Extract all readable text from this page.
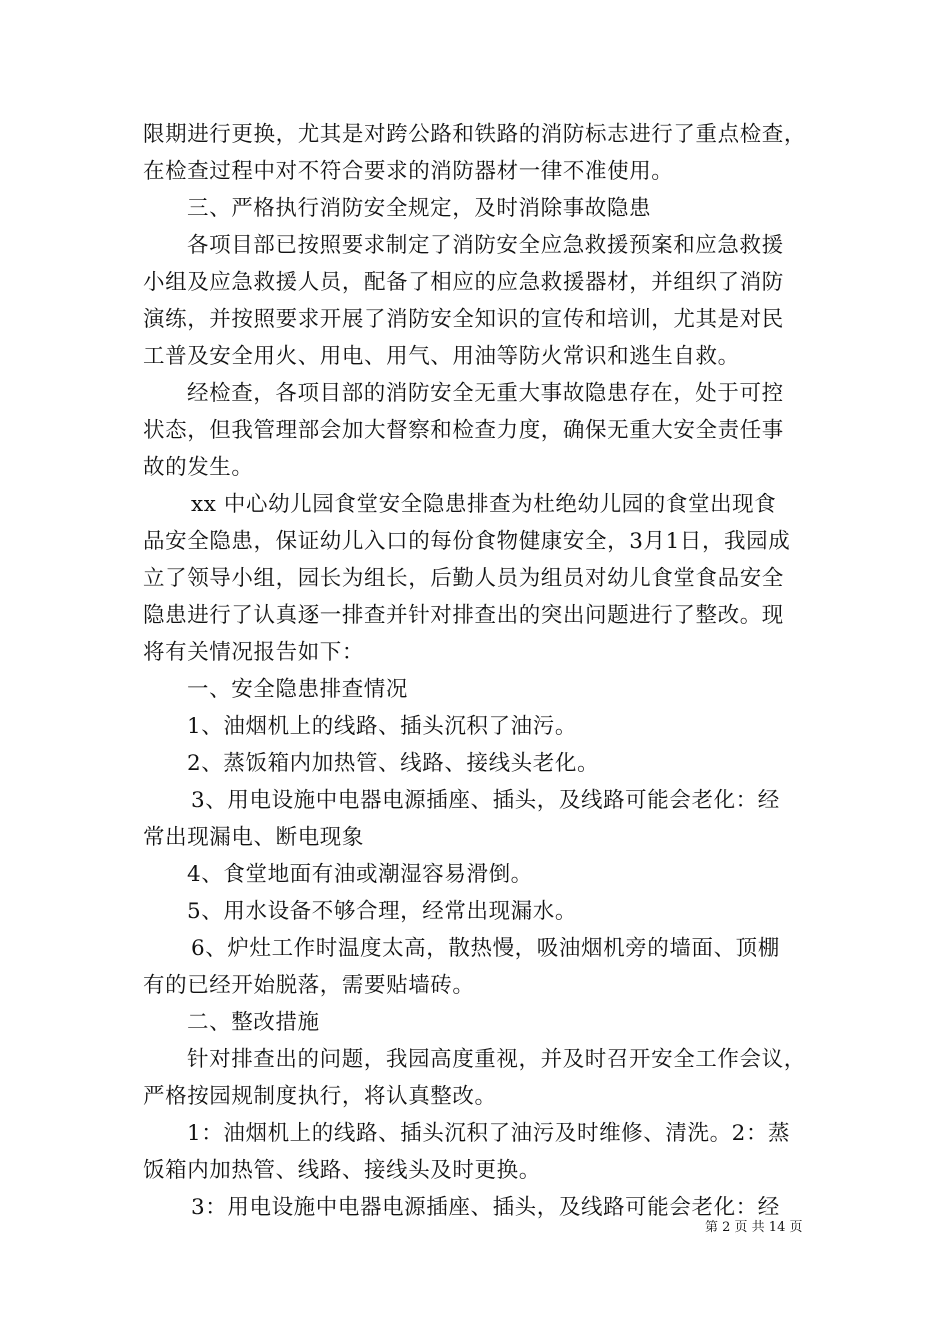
限期进行更换，尤其是对跨公路和铁路的消防标志进行了重点检查，
在检查过程中对不符合要求的消防器材一律不准使用。
三、严格执行消防安全规定，及时消除事故隐患
各项目部已按照要求制定了消防安全应急救援预案和应急救援
小组及应急救援人员，配备了相应的应急救援器材，并组织了消防
演练，并按照要求开展了消防安全知识的宣传和培训，尤其是对民
工普及安全用火、用电、用气、用油等防火常识和逃生自救。
经检查，各项目部的消防安全无重大事故隐患存在，处于可控
状态，但我管理部会加大督察和检查力度，确保无重大安全责任事
故的发生。
xx 中心幼儿园食堂安全隐患排查为杜绝幼儿园的食堂出现食
品安全隐患，保证幼儿入口的每份食物健康安全，3月1日，我园成
立了领导小组，园长为组长，后勤人员为组员对幼儿食堂食品安全
隐患进行了认真逐一排查并针对排查出的突出问题进行了整改。现
将有关情况报告如下：
一、安全隐患排查情况
1、油烟机上的线路、插头沉积了油污。
2、蒸饭箱内加热管、线路、接线头老化。
3、用电设施中电器电源插座、插头，及线路可能会老化：经
常出现漏电、断电现象
4、食堂地面有油或潮湿容易滑倒。
5、用水设备不够合理，经常出现漏水。
6、炉灶工作时温度太高，散热慢，吸油烟机旁的墙面、顶棚
有的已经开始脱落，需要贴墙砖。
二、整改措施
针对排查出的问题，我园高度重视，并及时召开安全工作会议，
严格按园规制度执行，将认真整改。
1：油烟机上的线路、插头沉积了油污及时维修、清洗。2：蒸
饭箱内加热管、线路、接线头及时更换。
3：用电设施中电器电源插座、插头，及线路可能会老化：经
第 2 页 共 14 页
